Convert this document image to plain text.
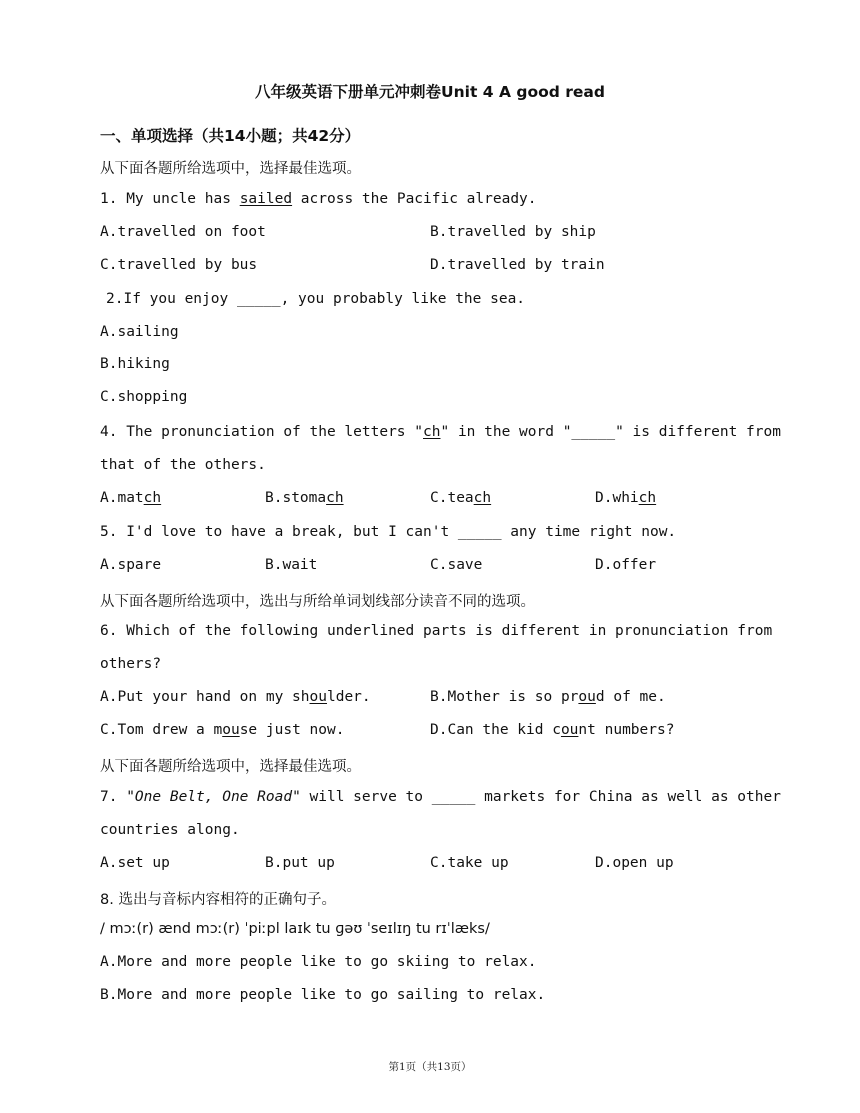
八年级英语下册单元冲刺卷Unit 4 A good read
一、单项选择（共14小题；共42分）
从下面各题所给选项中，选择最佳选项。
1. My uncle has sailed across the Pacific already.
A.travelled on foot	B.travelled by ship
C.travelled by bus	D.travelled by train
2.If you enjoy _____, you probably like the sea.
A.sailing
B.hiking
C.shopping
4. The pronunciation of the letters "ch" in the word "_____" is different from
that of the others.
A.match	B.stomach	C.teach	D.which
5. I'd love to have a break, but I can't _____ any time right now.
A.spare	B.wait	C.save	D.offer
从下面各题所给选项中，选出与所给单词划线部分读音不同的选项。
6. Which of the following underlined parts is different in pronunciation from
others?
A.Put your hand on my shoulder.	B.Mother is so proud of me.
C.Tom drew a mouse just now.	D.Can the kid count numbers?
从下面各题所给选项中，选择最佳选项。
7. "One Belt, One Road" will serve to _____ markets for China as well as other
countries along.
A.set up	B.put up	C.take up	D.open up
8. 选出与音标内容相符的正确句子。
/ mɔː(r) ænd mɔː(r) ˈpiːpl laɪk tu ɡəʊ ˈseɪlɪŋ tu rɪˈlæks/
A.More and more people like to go skiing to relax.
B.More and more people like to go sailing to relax.
第1页（共13页）
